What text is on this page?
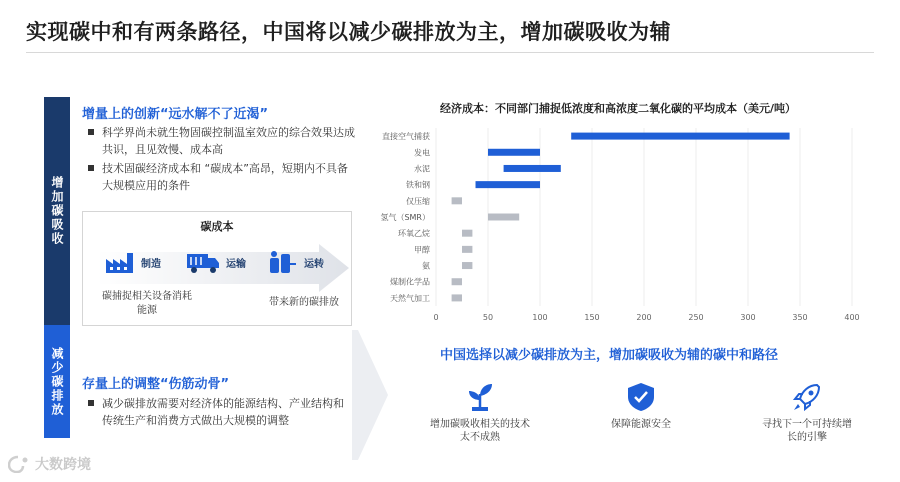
实现碳中和有两条路径，中国将以减少碳排放为主，增加碳吸收为辅
增加碳吸收
减少碳排放
增量上的创新“远水解不了近渴”
科学界尚未就生物固碳控制温室效应的综合效果达成共识，且见效慢、成本高
技术固碳经济成本和 “碳成本”高昂，短期内不具备大规模应用的条件
碳成本
制造	运输	运转
碳捕捉相关设备消耗能源
带来新的碳排放
存量上的调整“伤筋动骨”
减少碳排放需要对经济体的能源结构、产业结构和传统生产和消费方式做出大规模的调整
经济成本：不同部门捕捉低浓度和高浓度二氧化碳的平均成本（美元/吨）
直接空气捕获
发电
水泥
铁和钢
仅压缩
氢气（SMR）
环氧乙烷
甲醇
氨
煤制化学品
天然气加工
0	50	100	150	200	250	300	350	400
中国选择以减少碳排放为主，增加碳吸收为辅的碳中和路径
增加碳吸收相关的技术太不成熟
保障能源安全	寻找下一个可持续增长的引擎
大数跨境
